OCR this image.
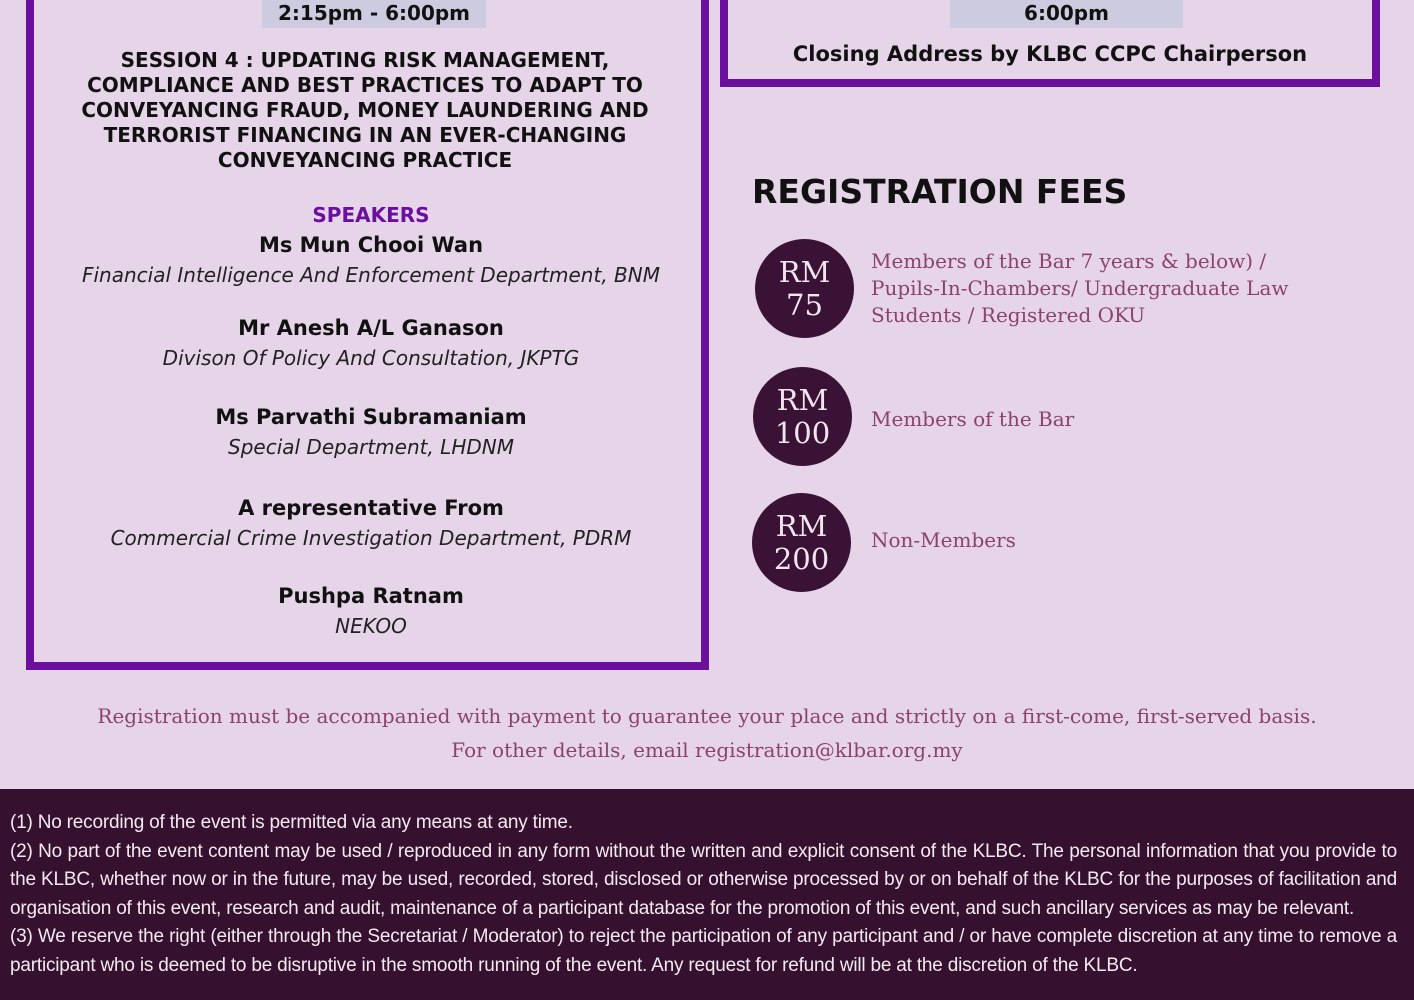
2:15pm - 6:00pm
SESSION 4 : UPDATING RISK MANAGEMENT, COMPLIANCE AND BEST PRACTICES TO ADAPT TO CONVEYANCING FRAUD, MONEY LAUNDERING AND TERRORIST FINANCING IN AN EVER-CHANGING CONVEYANCING PRACTICE
SPEAKERS
Ms Mun Chooi Wan
Financial Intelligence And Enforcement Department, BNM
Mr Anesh A/L Ganason
Divison Of Policy And Consultation, JKPTG
Ms Parvathi Subramaniam
Special Department, LHDNM
A representative From
Commercial Crime Investigation Department, PDRM
Pushpa Ratnam
NEKOO
6:00pm
Closing Address by KLBC CCPC Chairperson
REGISTRATION FEES
RM
75
Members of the Bar 7 years & below) / Pupils-In-Chambers/ Undergraduate Law Students / Registered OKU
RM
100	Members of the Bar
RM
200
Non-Members
Registration must be accompanied with payment to guarantee your place and strictly on a first-come, first-served basis.
For other details, email registration@klbar.org.my

(1) No recording of the event is permitted via any means at any time.

(2) No part of the event content may be used / reproduced in any form without the written and explicit consent of the KLBC. The personal information that you provide to the KLBC, whether now or in the future, may be used, recorded, stored, disclosed or otherwise processed by or on behalf of the KLBC for the purposes of facilitation and organisation of this event, research and audit, maintenance of a participant database for the promotion of this event, and such ancillary services as may be relevant.

(3) We reserve the right (either through the Secretariat / Moderator) to reject the participation of any participant and / or have complete discretion at any time to remove a participant who is deemed to be disruptive in the smooth running of the event. Any request for refund will be at the discretion of the KLBC.
